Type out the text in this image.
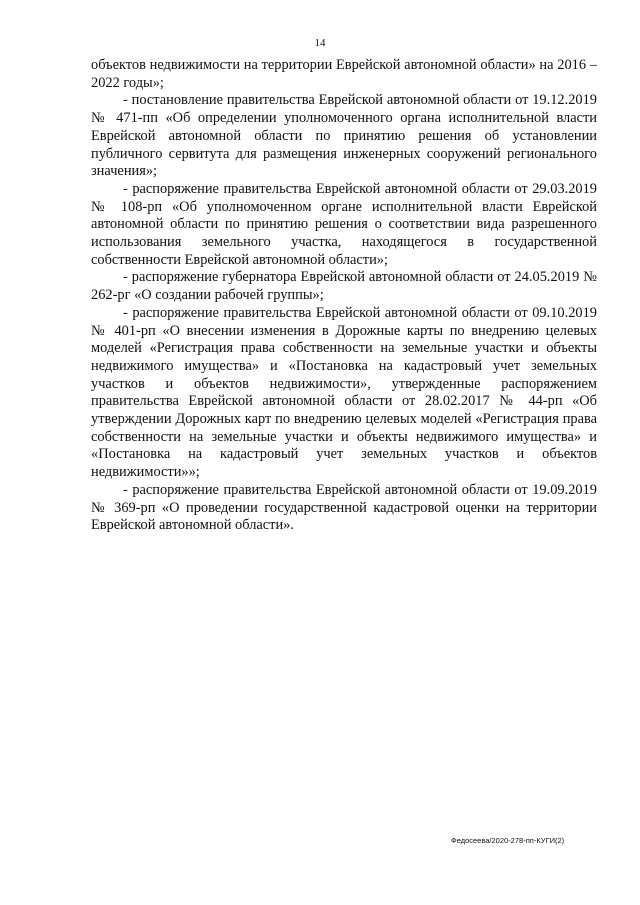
14

объектов недвижимости на территории Еврейской автономной области» на 2016 – 2022 годы»;

- постановление правительства Еврейской автономной области от 19.12.2019 № 471-пп «Об определении уполномоченного органа исполнительной власти Еврейской автономной области по принятию решения об установлении публичного сервитута для размещения инженерных сооружений регионального значения»;

- распоряжение правительства Еврейской автономной области от 29.03.2019 № 108-рп «Об уполномоченном органе исполнительной власти Еврейской автономной области по принятию решения о соответствии вида разрешенного использования земельного участка, находящегося в государственной собственности Еврейской автономной области»;

- распоряжение губернатора Еврейской автономной области от 24.05.2019 № 262-рг «О создании рабочей группы»;

- распоряжение правительства Еврейской автономной области от 09.10.2019 № 401-рп «О внесении изменения в Дорожные карты по внедрению целевых моделей «Регистрация права собственности на земельные участки и объекты недвижимого имущества» и «Постановка на кадастровый учет земельных участков и объектов недвижимости», утвержденные распоряжением правительства Еврейской автономной области от 28.02.2017 № 44-рп «Об утверждении Дорожных карт по внедрению целевых моделей «Регистрация права собственности на земельные участки и объекты недвижимого имущества» и «Постановка на кадастровый учет земельных участков и объектов недвижимости»»;

- распоряжение правительства Еврейской автономной области от 19.09.2019 № 369-рп «О проведении государственной кадастровой оценки на территории Еврейской автономной области».

Федосеева/2020-278-пп-КУГИ(2)
